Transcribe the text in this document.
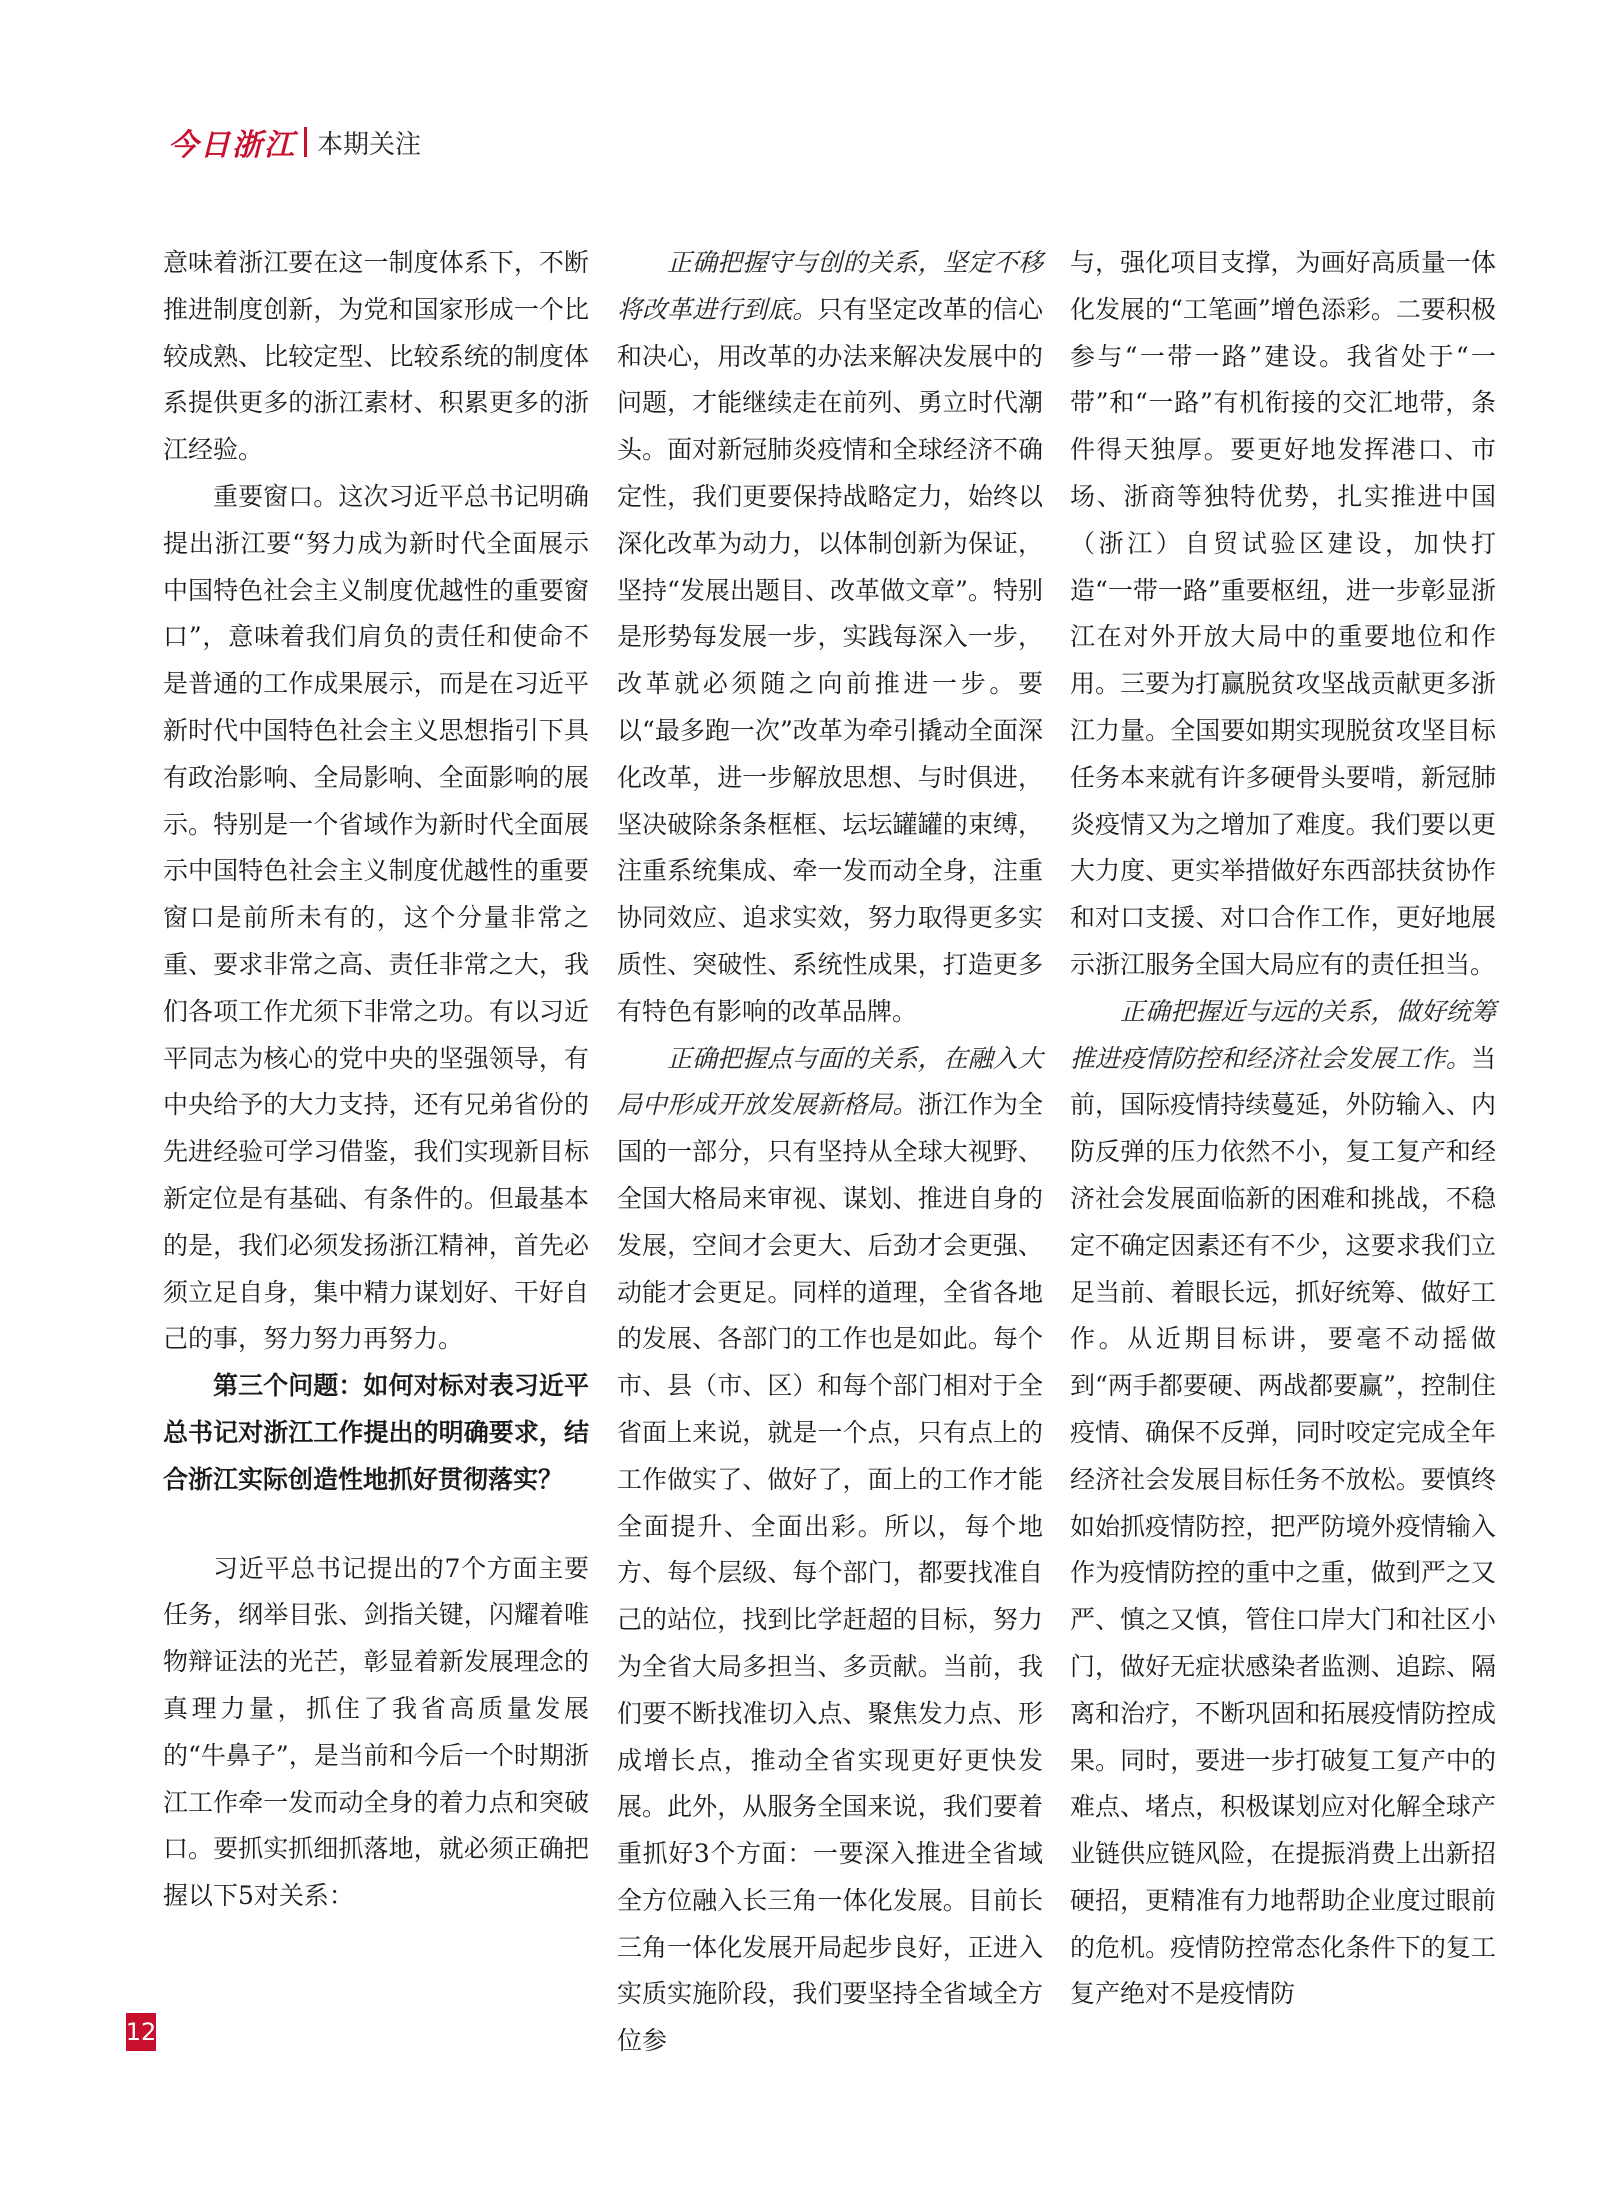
今日浙江 本期关注

意味着浙江要在这一制度体系下，不断推进制度创新，为党和国家形成一个比较成熟、比较定型、比较系统的制度体系提供更多的浙江素材、积累更多的浙江经验。

重要窗口。这次习近平总书记明确提出浙江要“努力成为新时代全面展示中国特色社会主义制度优越性的重要窗口”，意味着我们肩负的责任和使命不是普通的工作成果展示，而是在习近平新时代中国特色社会主义思想指引下具有政治影响、全局影响、全面影响的展示。特别是一个省域作为新时代全面展示中国特色社会主义制度优越性的重要窗口是前所未有的，这个分量非常之重、要求非常之高、责任非常之大，我们各项工作尤须下非常之功。有以习近平同志为核心的党中央的坚强领导，有中央给予的大力支持，还有兄弟省份的先进经验可学习借鉴，我们实现新目标新定位是有基础、有条件的。但最基本的是，我们必须发扬浙江精神，首先必须立足自身，集中精力谋划好、干好自己的事，努力努力再努力。

第三个问题：如何对标对表习近平总书记对浙江工作提出的明确要求，结合浙江实际创造性地抓好贯彻落实？

习近平总书记提出的7个方面主要任务，纲举目张、剑指关键，闪耀着唯物辩证法的光芒，彰显着新发展理念的真理力量，抓住了我省高质量发展的“牛鼻子”，是当前和今后一个时期浙江工作牵一发而动全身的着力点和突破口。要抓实抓细抓落地，就必须正确把握以下5对关系：

正确把握守与创的关系，坚定不移将改革进行到底。只有坚定改革的信心和决心，用改革的办法来解决发展中的问题，才能继续走在前列、勇立时代潮头。面对新冠肺炎疫情和全球经济不确定性，我们更要保持战略定力，始终以深化改革为动力，以体制创新为保证，坚持“发展出题目、改革做文章”。特别是形势每发展一步，实践每深入一步，改革就必须随之向前推进一步。要以“最多跑一次”改革为牵引撬动全面深化改革，进一步解放思想、与时俱进，坚决破除条条框框、坛坛罐罐的束缚，注重系统集成、牵一发而动全身，注重协同效应、追求实效，努力取得更多实质性、突破性、系统性成果，打造更多有特色有影响的改革品牌。

正确把握点与面的关系，在融入大局中形成开放发展新格局。浙江作为全国的一部分，只有坚持从全球大视野、全国大格局来审视、谋划、推进自身的发展，空间才会更大、后劲才会更强、动能才会更足。同样的道理，全省各地的发展、各部门的工作也是如此。每个市、县（市、区）和每个部门相对于全省面上来说，就是一个点，只有点上的工作做实了、做好了，面上的工作才能全面提升、全面出彩。所以，每个地方、每个层级、每个部门，都要找准自己的站位，找到比学赶超的目标，努力为全省大局多担当、多贡献。当前，我们要不断找准切入点、聚焦发力点、形成增长点，推动全省实现更好更快发展。此外，从服务全国来说，我们要着重抓好3个方面：一要深入推进全省域全方位融入长三角一体化发展。目前长三角一体化发展开局起步良好，正进入实质实施阶段，我们要坚持全省域全方位参

与，强化项目支撑，为画好高质量一体化发展的“工笔画”增色添彩。二要积极参与“一带一路”建设。我省处于“一带”和“一路”有机衔接的交汇地带，条件得天独厚。要更好地发挥港口、市场、浙商等独特优势，扎实推进中国（浙江）自贸试验区建设，加快打造“一带一路”重要枢纽，进一步彰显浙江在对外开放大局中的重要地位和作用。三要为打赢脱贫攻坚战贡献更多浙江力量。全国要如期实现脱贫攻坚目标任务本来就有许多硬骨头要啃，新冠肺炎疫情又为之增加了难度。我们要以更大力度、更实举措做好东西部扶贫协作和对口支援、对口合作工作，更好地展示浙江服务全国大局应有的责任担当。

正确把握近与远的关系，做好统筹推进疫情防控和经济社会发展工作。当前，国际疫情持续蔓延，外防输入、内防反弹的压力依然不小，复工复产和经济社会发展面临新的困难和挑战，不稳定不确定因素还有不少，这要求我们立足当前、着眼长远，抓好统筹、做好工作。从近期目标讲，要毫不动摇做到“两手都要硬、两战都要赢”，控制住疫情、确保不反弹，同时咬定完成全年经济社会发展目标任务不放松。要慎终如始抓疫情防控，把严防境外疫情输入作为疫情防控的重中之重，做到严之又严、慎之又慎，管住口岸大门和社区小门，做好无症状感染者监测、追踪、隔离和治疗，不断巩固和拓展疫情防控成果。同时，要进一步打破复工复产中的难点、堵点，积极谋划应对化解全球产业链供应链风险，在提振消费上出新招硬招，更精准有力地帮助企业度过眼前的危机。疫情防控常态化条件下的复工复产绝对不是疫情防

12
